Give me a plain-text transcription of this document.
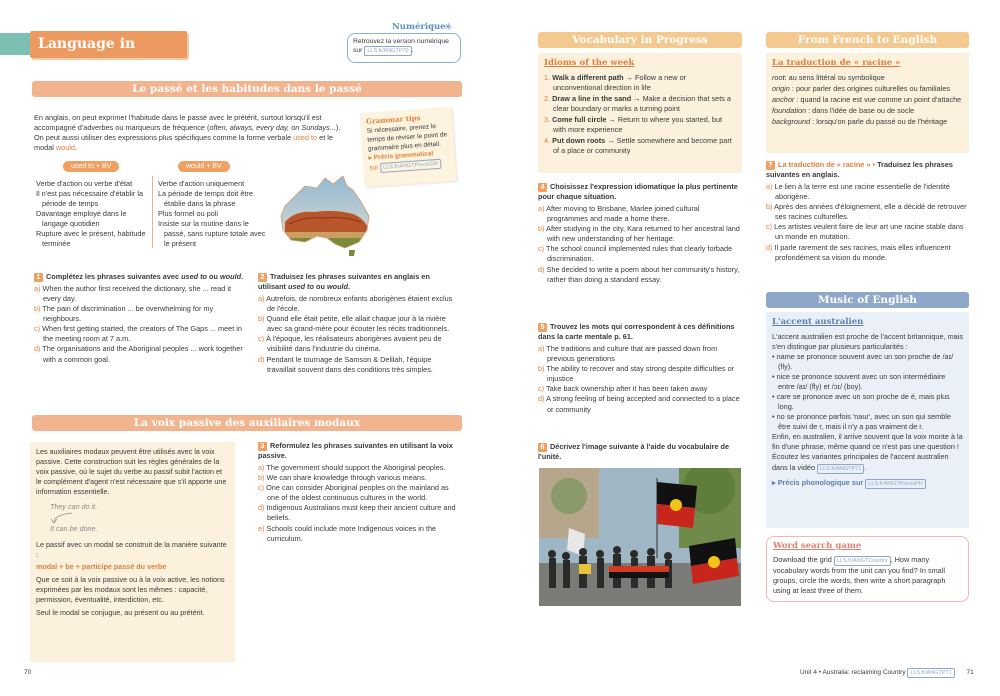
Language in Progress
Numérique
Retrouvez la version numérique
sur LLS.fr/ANGTP70 .
✳
Le passé et les habitudes dans le passé
En anglais, on peut exprimer l'habitude dans le passé avec le prétérit, surtout lorsqu'il est accompagné d'adverbes ou marqueurs de fréquence (often, always, every day, on Sundays...). On peut aussi utiliser des expressions plus spécifiques comme la forme verbale used to et le modal would.
used to + BV	would + BV
Verbe d'action ou verbe d'état
Il n'est pas nécessaire d'établir la période de temps
Davantage employé dans le langage quotidien
Rupture avec le présent, habitude terminée
Verbe d'action uniquement
La période de temps doit être établie dans la phrase
Plus formel ou poli
Insiste sur la routine dans le passé, sans rupture totale avec le présent
Grammar tips
Si nécessaire, prenez le temps de réviser le point de grammaire plus en détail.
▸ Précis grammatical
sur LLS.fr/ANGTPrecisGR
1 Complétez les phrases suivantes avec used to ou would.
a) When the author first received the dictionary, she ... read it every day.
b) The pain of discrimination ... be overwhelming for my neighbours.
c) When first getting started, the creators of The Gaps ... meet in the meeting room at 7 a.m.
d) The organisations and the Aboriginal peoples ... work together with a common goal.
2 Traduisez les phrases suivantes en anglais en utilisant used to ou would.
a) Autrefois, de nombreux enfants aborigènes étaient exclus de l'école.
b) Quand elle était petite, elle allait chaque jour à la rivière avec sa grand-mère pour écouter les récits traditionnels.
c) À l'époque, les réalisateurs aborigènes avaient peu de visibilité dans l'industrie du cinéma.
d) Pendant le tournage de Samson & Delilah, l'équipe travaillait souvent dans des conditions très simples.
La voix passive des auxiliaires modaux
Les auxiliaires modaux peuvent être utilisés avec la voix passive. Cette construction suit les règles générales de la voix passive, où le sujet du verbe au passif subit l'action et le complément d'agent n'est nécessaire que s'il apporte une information essentielle.
They can do it.
It can be done.
Le passif avec un modal se construit de la manière suivante :
modal + be + participe passé du verbe
Que ce soit à la voix passive ou à la voix active, les notions exprimées par les modaux sont les mêmes : capacité, permission, éventualité, interdiction, etc.
Seul le modal se conjugue, au présent ou au prétérit.
3 Reformulez les phrases suivantes en utilisant la voix passive.
a) The government should support the Aboriginal peoples.
b) We can share knowledge through various means.
c) One can consider Aboriginal peoples on the mainland as one of the oldest continuous cultures in the world.
d) Indigenous Australians must keep their ancient culture and beliefs.
e) Schools could include more Indigenous voices in the curriculum.
70
Vocabulary in Progress
Idioms of the week
1. Walk a different path → Follow a new or unconventional direction in life
2. Draw a line in the sand → Make a decision that sets a clear boundary or marks a turning point
3. Come full circle → Return to where you started, but with more experience
4. Put down roots → Settle somewhere and become part of a place or community
4 Choisissez l'expression idiomatique la plus pertinente pour chaque situation.
a) After moving to Brisbane, Marlee joined cultural programmes and made a home there.
b) After studying in the city, Kara returned to her ancestral land with new understanding of her heritage.
c) The school council implemented rules that clearly forbade discrimination.
d) She decided to write a poem about her community's history, rather than doing a standard essay.
5 Trouvez les mots qui correspondent à ces définitions dans la carte mentale p. 61.
a) The traditions and culture that are passed down from previous generations
b) The ability to recover and stay strong despite difficulties or injustice
c) Take back ownership after it has been taken away
d) A strong feeling of being accepted and connected to a place or community
6 Décrivez l'image suivante à l'aide du vocabulaire de l'unité.
From French to English
La traduction de « racine »
root: au sens littéral ou symbolique
origin : pour parler des origines culturelles ou familiales
anchor : quand la racine est vue comme un point d'attache
foundation : dans l'idée de base ou de socle
background : lorsqu'on parle du passé ou de l'héritage
7 La traduction de « racine » • Traduisez les phrases suivantes en anglais.
a) Le lien à la terre est une racine essentielle de l'identité aborigène.
b) Après des années d'éloignement, elle a décidé de retrouver ses racines culturelles.
c) Les artistes veulent faire de leur art une racine stable dans un monde en mutation.
d) Il parle rarement de ses racines, mais elles influencent profondément sa vision du monde.
Music of English
L'accent australien
L'accent australien est proche de l'accent britannique, mais s'en distingue par plusieurs particularités :
• name se prononce souvent avec un son proche de /aɪ/ (fly).
• nice se prononce souvent avec un son intermédiaire entre /aɪ/ (fly) et /ɔɪ/ (boy).
• care se prononce avec un son proche de é, mais plus long.
• no se prononce parfois 'naur', avec un son qui semble être suivi de r, mais il n'y a pas vraiment de r.
Enfin, en australien, il arrive souvent que la voix monte à la fin d'une phrase, même quand ce n'est pas une question !
Écoutez les variantes principales de l'accent australien dans la vidéo LLS.fr/ANGTP71 .
▸ Précis phonologique sur LLS.fr/ANGTPrecisPH
Word search game
Download the grid LLS.fr/ANGTCountry . How many vocabulary words from the unit can you find? In small groups, circle the words, then write a short paragraph using at least three of them.
Unit 4 • Australia: reclaiming Country LLS.fr/ANGTP71 71
